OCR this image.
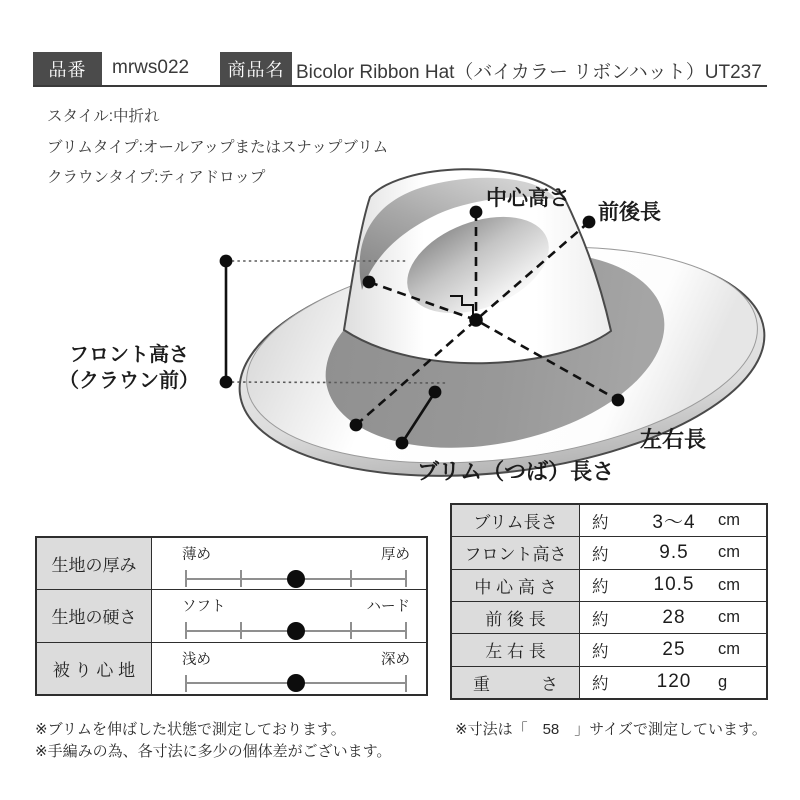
品番 mrws022 商品名 Bicolor Ribbon Hat（バイカラー リボンハット）UT237
スタイル:中折れ
ブリムタイプ:オールアップまたはスナップブリム
クラウンタイプ:ティアドロップ
中心高さ
前後長
フロント高さ
（クラウン前）
左右長
ブリム（つば）長さ
生地の厚み
薄め	厚め
生地の硬さ
ソフト	ハード
被 り 心 地
浅め	深め
ブリム長さ	約	3〜4	cm
フロント高さ	約	9.5	cm
中 心 高 さ	約	10.5	cm
前 後 長	約	28	cm
左 右 長	約	25	cm
重　　　さ	約	120	g
※ブリムを伸ばした状態で測定しております。
※手編みの為、各寸法に多少の個体差がございます。
※寸法は「　58　」サイズで測定しています。
